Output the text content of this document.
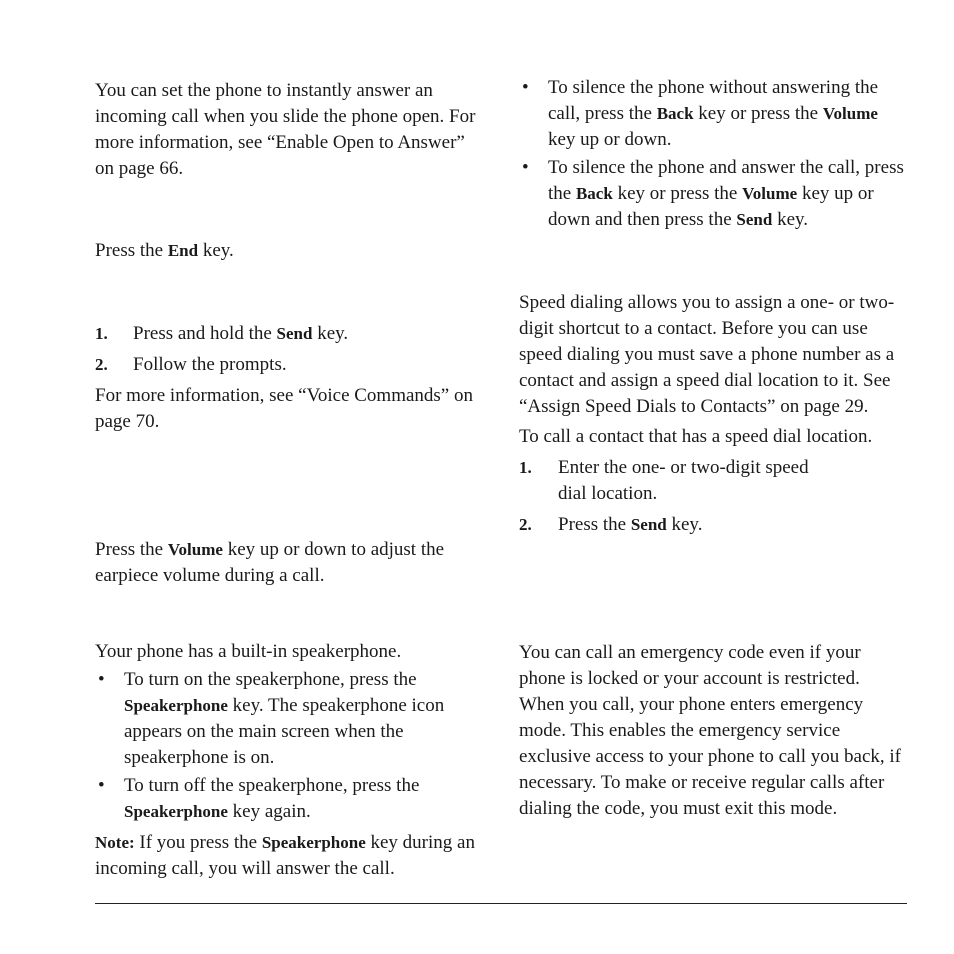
You can set the phone to instantly answer an incoming call when you slide the phone open. For more information, see “Enable Open to Answer” on page 66.

Press the End key.

1. Press and hold the Send key.

2. Follow the prompts.

For more information, see “Voice Commands” on page 70.

Press the Volume key up or down to adjust the earpiece volume during a call.

Your phone has a built-in speakerphone.

• To turn on the speakerphone, press the Speakerphone key. The speakerphone icon appears on the main screen when the speakerphone is on.

• To turn off the speakerphone, press the Speakerphone key again.

Note: If you press the Speakerphone key during an incoming call, you will answer the call.

• To silence the phone without answering the call, press the Back key or press the Volume key up or down.

• To silence the phone and answer the call, press the Back key or press the Volume key up or down and then press the Send key.

Speed dialing allows you to assign a one- or two-digit shortcut to a contact. Before you can use speed dialing you must save a phone number as a contact and assign a speed dial location to it. See “Assign Speed Dials to Contacts” on page 29.

To call a contact that has a speed dial location.

1. Enter the one- or two-digit speed dial location.

2. Press the Send key.

You can call an emergency code even if your phone is locked or your account is restricted. When you call, your phone enters emergency mode. This enables the emergency service exclusive access to your phone to call you back, if necessary. To make or receive regular calls after dialing the code, you must exit this mode.
